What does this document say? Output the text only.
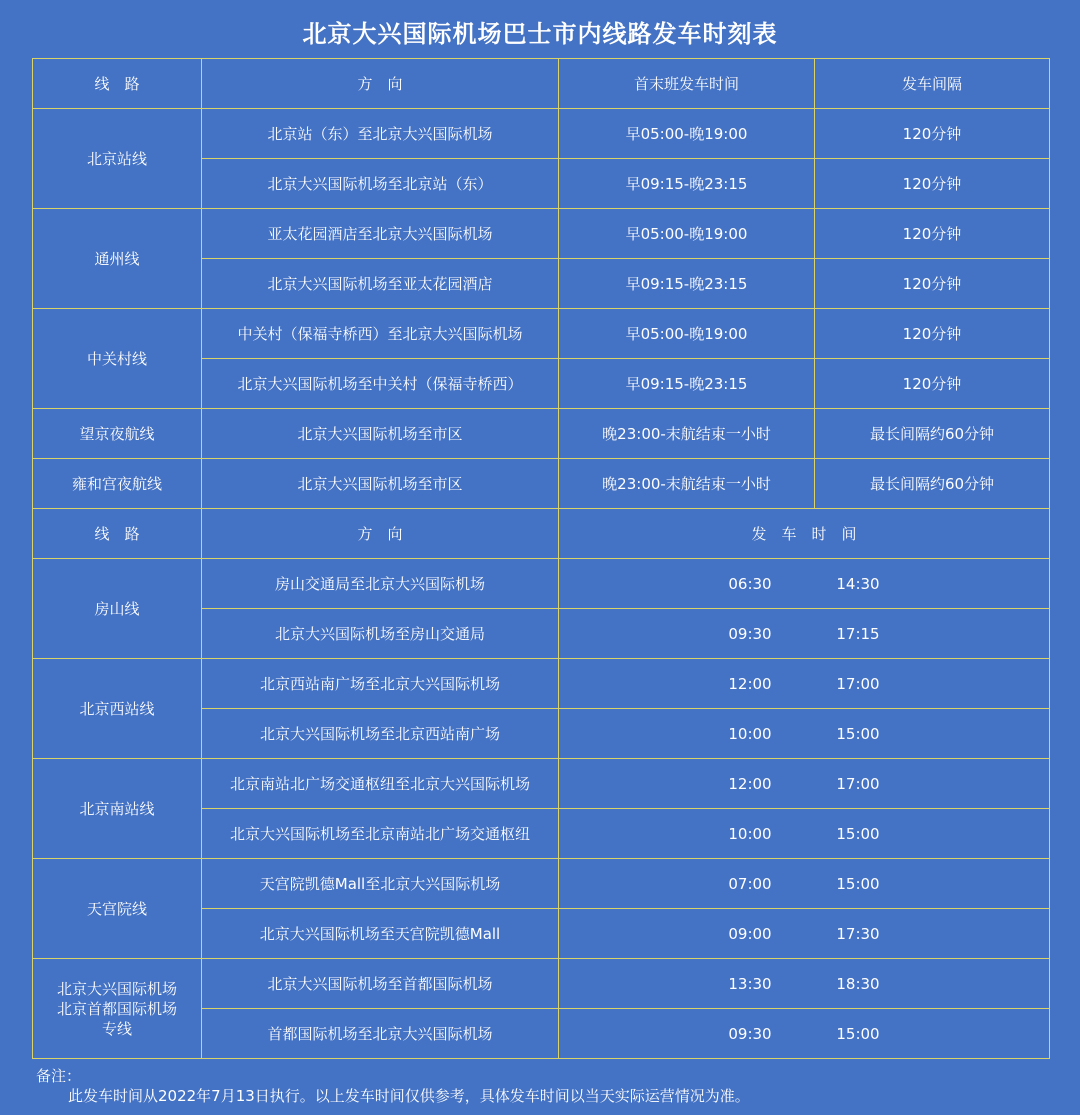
北京大兴国际机场巴士市内线路发车时刻表
线　路	方　向	首末班发车时间	发车间隔
北京站线	北京站（东）至北京大兴国际机场	早05:00-晚19:00	120分钟
	北京大兴国际机场至北京站（东）	早09:15-晚23:15	120分钟
通州线	亚太花园酒店至北京大兴国际机场	早05:00-晚19:00	120分钟
	北京大兴国际机场至亚太花园酒店	早09:15-晚23:15	120分钟
中关村线	中关村（保福寺桥西）至北京大兴国际机场	早05:00-晚19:00	120分钟
	北京大兴国际机场至中关村（保福寺桥西）	早09:15-晚23:15	120分钟
望京夜航线	北京大兴国际机场至市区	晚23:00-末航结束一小时	最长间隔约60分钟
雍和宫夜航线	北京大兴国际机场至市区	晚23:00-末航结束一小时	最长间隔约60分钟
线　路	方　向	发　车　时　间	

房山线	房山交通局至北京大兴国际机场	06:30 14:30	

	北京大兴国际机场至房山交通局	09:30 17:15	

北京西站线	北京西站南广场至北京大兴国际机场	12:00 17:00	

	北京大兴国际机场至北京西站南广场	10:00 15:00	

北京南站线	北京南站北广场交通枢纽至北京大兴国际机场	12:00 17:00	

	北京大兴国际机场至北京南站北广场交通枢纽	10:00 15:00	

天宫院线	天宫院凯德Mall至北京大兴国际机场	07:00 15:00	

	北京大兴国际机场至天宫院凯德Mall	09:00 17:30	

北京大兴国际机场
北京首都国际机场
专线	北京大兴国际机场至首都国际机场	13:30 18:30	

	首都国际机场至北京大兴国际机场	09:30 15:00	
备注：
此发车时间从2022年7月13日执行。以上发车时间仅供参考，具体发车时间以当天实际运营情况为准。
